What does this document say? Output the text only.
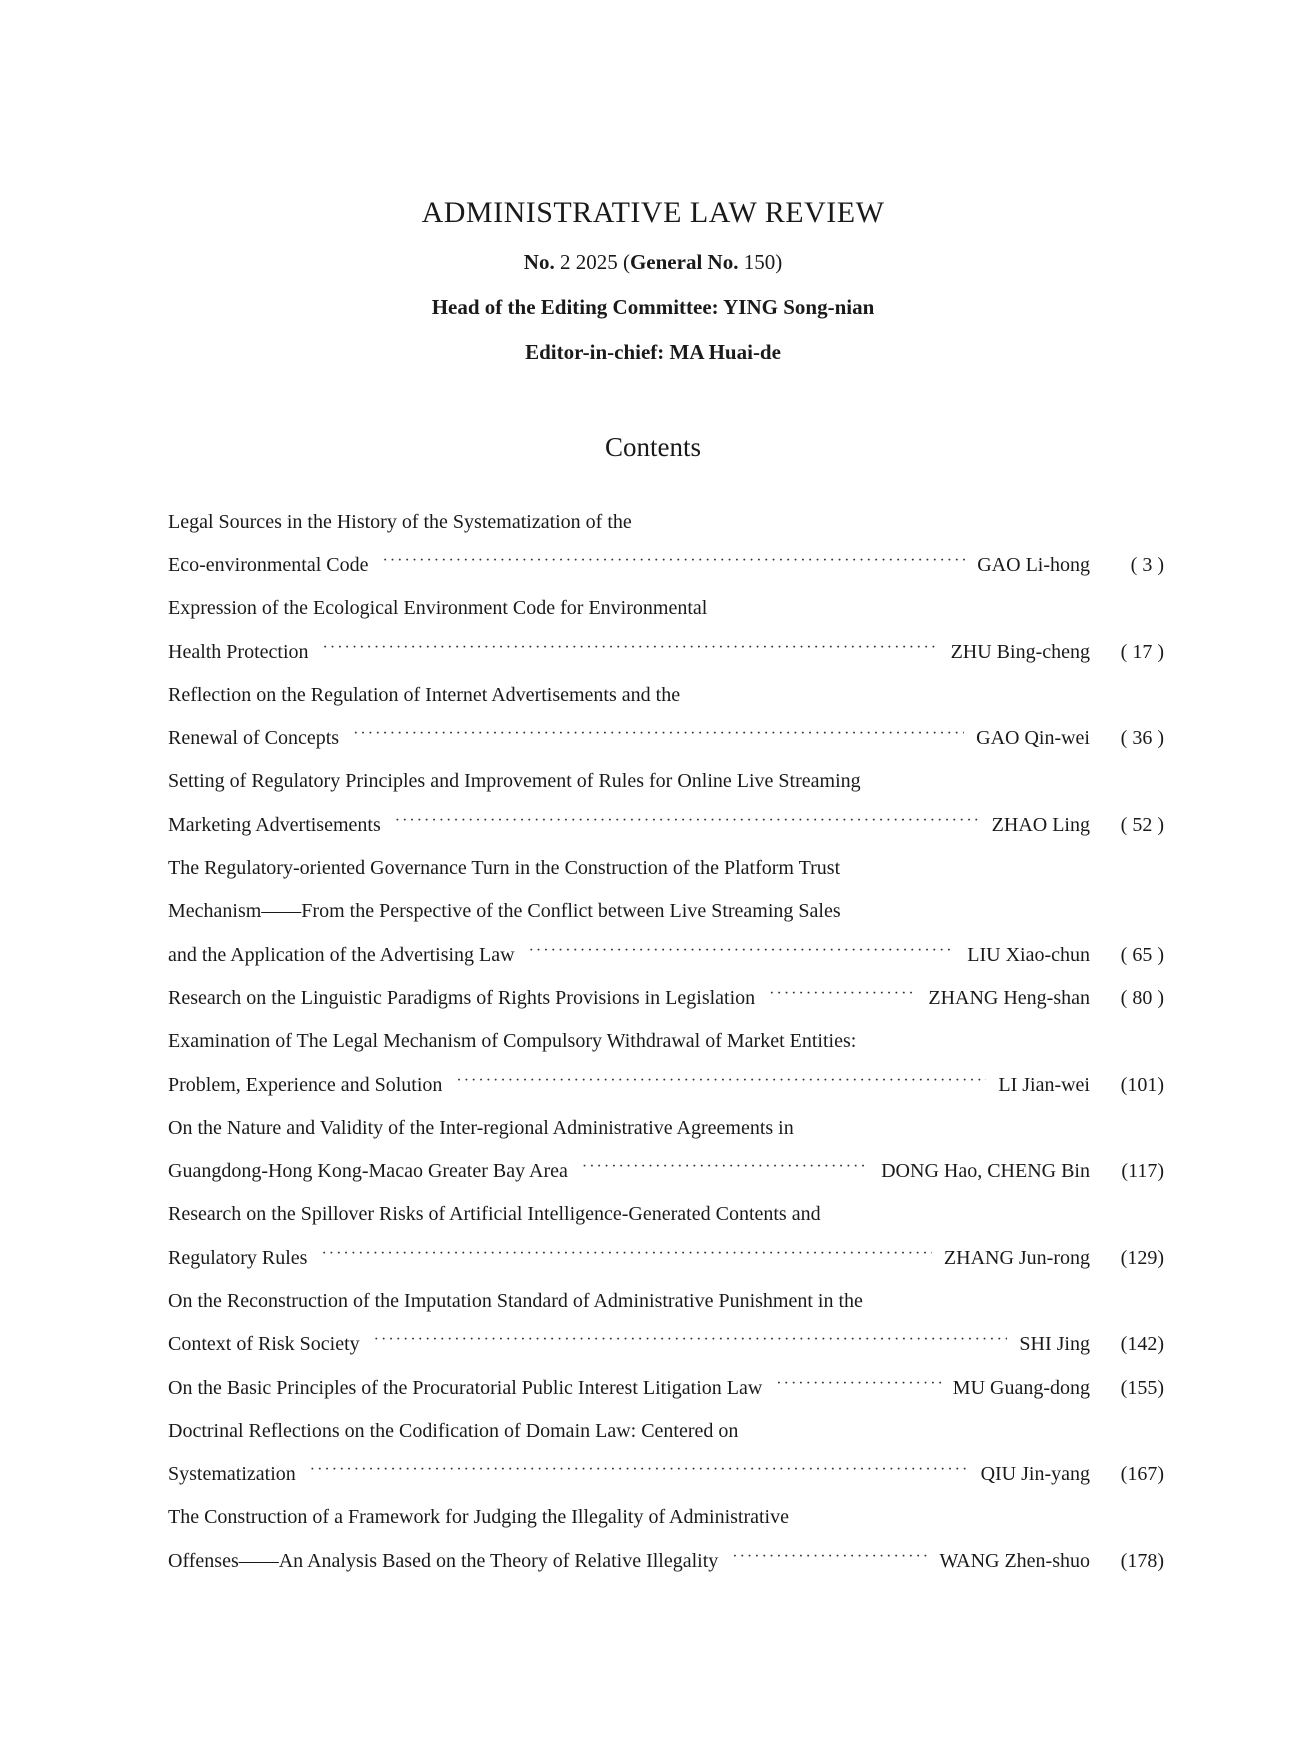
ADMINISTRATIVE LAW REVIEW
No. 2 2025 (General No. 150)
Head of the Editing Committee: YING Song-nian
Editor-in-chief: MA Huai-de
Contents
Legal Sources in the History of the Systematization of the
Eco-environmental Code ·····	GAO Li-hong	( 3 )
Expression of the Ecological Environment Code for Environmental
Health Protection ·····	ZHU Bing-cheng	( 17 )
Reflection on the Regulation of Internet Advertisements and the
Renewal of Concepts ·····	GAO Qin-wei	( 36 )
Setting of Regulatory Principles and Improvement of Rules for Online Live Streaming
Marketing Advertisements ·····	ZHAO Ling	( 52 )
The Regulatory-oriented Governance Turn in the Construction of the Platform Trust
Mechanism——From the Perspective of the Conflict between Live Streaming Sales
and the Application of the Advertising Law ·····	LIU Xiao-chun	( 65 )
Research on the Linguistic Paradigms of Rights Provisions in Legislation ·····	ZHANG Heng-shan	( 80 )
Examination of The Legal Mechanism of Compulsory Withdrawal of Market Entities:
Problem, Experience and Solution ·····	LI Jian-wei	(101)
On the Nature and Validity of the Inter-regional Administrative Agreements in
Guangdong-Hong Kong-Macao Greater Bay Area ·····	DONG Hao, CHENG Bin	(117)
Research on the Spillover Risks of Artificial Intelligence-Generated Contents and
Regulatory Rules ·····	ZHANG Jun-rong	(129)
On the Reconstruction of the Imputation Standard of Administrative Punishment in the
Context of Risk Society ·····	SHI Jing	(142)
On the Basic Principles of the Procuratorial Public Interest Litigation Law ·····	MU Guang-dong	(155)
Doctrinal Reflections on the Codification of Domain Law: Centered on
Systematization ·····	QIU Jin-yang	(167)
The Construction of a Framework for Judging the Illegality of Administrative
Offenses——An Analysis Based on the Theory of Relative Illegality ·····	WANG Zhen-shuo	(178)
